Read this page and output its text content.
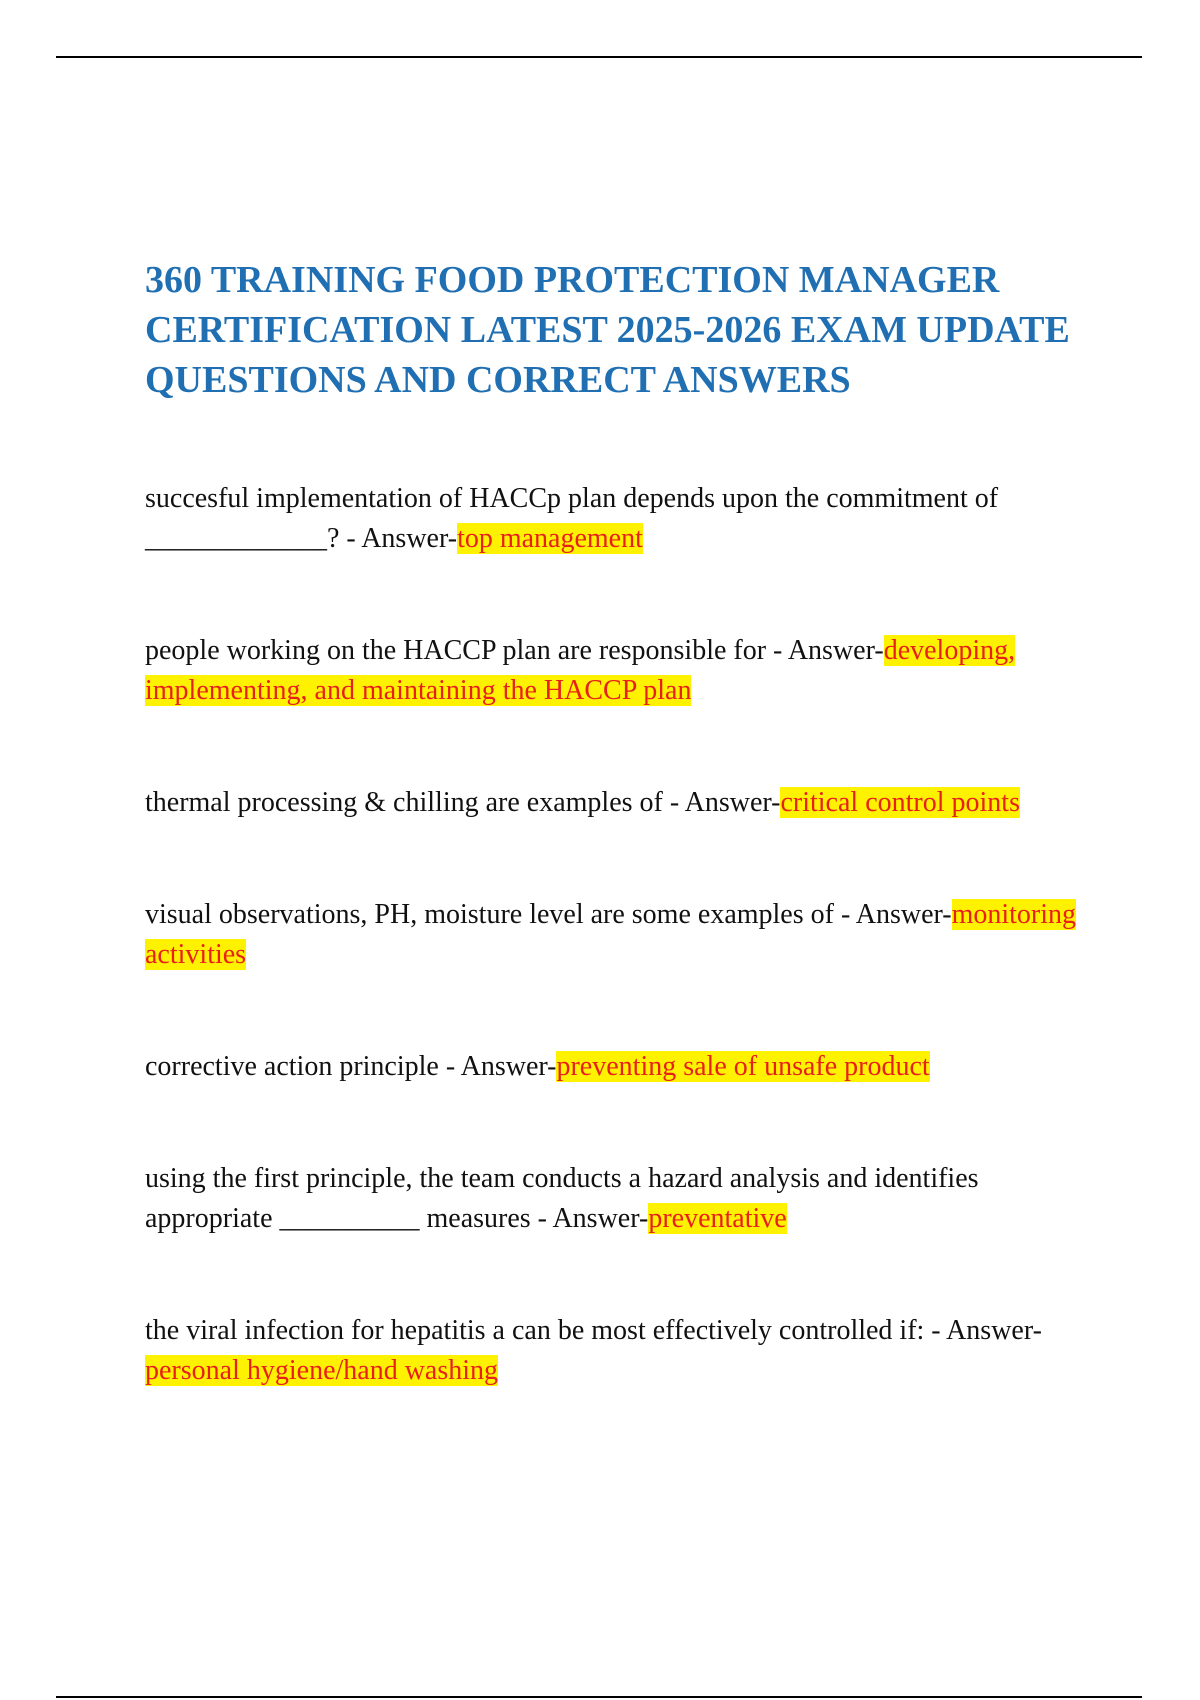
360 TRAINING FOOD PROTECTION MANAGER CERTIFICATION LATEST 2025-2026 EXAM UPDATE QUESTIONS AND CORRECT ANSWERS

succesful implementation of HACCp plan depends upon the commitment of _____________? - Answer-top management

people working on the HACCP plan are responsible for - Answer-developing, implementing, and maintaining the HACCP plan

thermal processing & chilling are examples of - Answer-critical control points

visual observations, PH, moisture level are some examples of - Answer-monitoring activities

corrective action principle - Answer-preventing sale of unsafe product

using the first principle, the team conducts a hazard analysis and identifies appropriate __________ measures - Answer-preventative

the viral infection for hepatitis a can be most effectively controlled if: - Answer-personal hygiene/hand washing
